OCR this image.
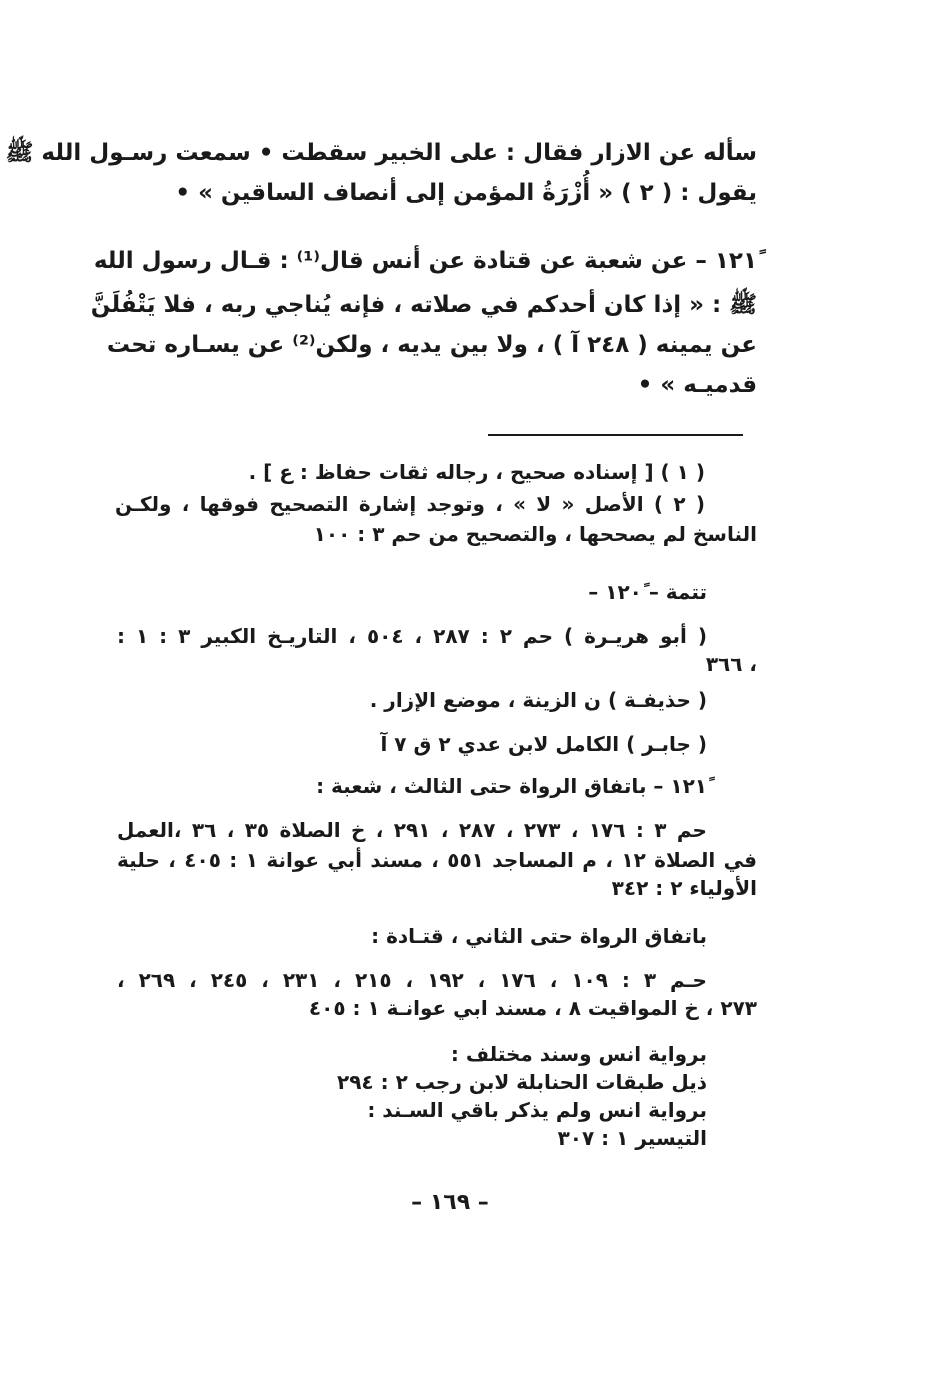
سأله عن الازار فقال : على الخبير سقطت • سمعت رسـول الله ﷺ
يقول : ( ٢ ) « أُزْرَةُ المؤمن إلى أنصاف الساقين » •
١٢١ً – عن شعبة عن قتادة عن أنس قال⁽¹⁾ : قـال رسول الله
ﷺ : « إذا كان أحدكم في صلاته ، فإنه يُناجي ربه ، فلا يَتْفُلَنَّ
عن يمينه ( ٢٤٨ آ ) ، ولا بين يديه ، ولكن⁽²⁾ عن يسـاره تحت
قدميـه » •
( ١ ) [ إسناده صحيح ، رجاله ثقات حفاظ : ع ] .
( ٢ ) الأصل « لا » ، وتوجد إشارة التصحيح فوقها ، ولكـن
الناسخ لم يصححها ، والتصحيح من حم ٣ : ١٠٠
تتمة – ١٢٠ً –
( أبو هريـرة ) حم ٢ : ٢٨٧ ، ٥٠٤ ، التاريـخ الكبير ٣ : ١ :
٣٦٦ ،
( حذيفـة ) ن الزينة ، موضع الإزار .
( جابـر ) الكامل لابن عدي ٢ ق ٧ آ
١٢١ً – باتفاق الرواة حتى الثالث ، شعبة :
حم ٣ : ١٧٦ ، ٢٧٣ ، ٢٨٧ ، ٢٩١ ، خ الصلاة ٣٥ ، ٣٦ ،العمل
في الصلاة ١٢ ، م المساجد ٥٥١ ، مسند أبي عوانة ١ : ٤٠٥ ، حلية
الأولياء ٢ : ٣٤٢
باتفاق الرواة حتى الثاني ، قتـادة :
حـم ٣ : ١٠٩ ، ١٧٦ ، ١٩٢ ، ٢١٥ ، ٢٣١ ، ٢٤٥ ، ٢٦٩ ،
٢٧٣ ، خ المواقيت ٨ ، مسند ابي عوانـة ١ : ٤٠٥
برواية انس وسند مختلف :
ذيل طبقات الحنابلة لابن رجب ٢ : ٢٩٤
برواية انس ولم يذكر باقي السـند :
التيسير ١ : ٣٠٧
– ١٦٩ –
